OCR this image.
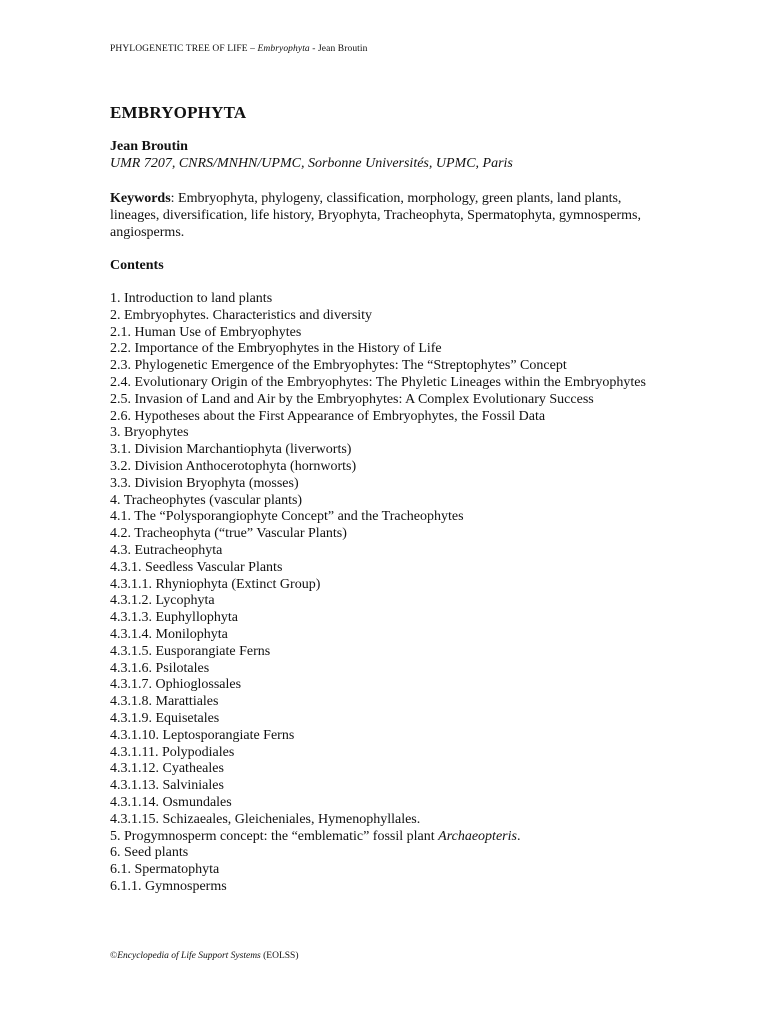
PHYLOGENETIC TREE OF LIFE – Embryophyta - Jean Broutin
EMBRYOPHYTA
Jean Broutin
UMR 7207, CNRS/MNHN/UPMC, Sorbonne Universités, UPMC, Paris
Keywords: Embryophyta, phylogeny, classification, morphology, green plants, land plants, lineages, diversification, life history, Bryophyta, Tracheophyta, Spermatophyta, gymnosperms, angiosperms.
Contents
1. Introduction to land plants
2. Embryophytes. Characteristics and diversity
2.1. Human Use of Embryophytes
2.2. Importance of the Embryophytes in the History of Life
2.3. Phylogenetic Emergence of the Embryophytes: The “Streptophytes” Concept
2.4. Evolutionary Origin of the Embryophytes: The Phyletic Lineages within the Embryophytes
2.5. Invasion of Land and Air by the Embryophytes: A Complex Evolutionary Success
2.6. Hypotheses about the First Appearance of Embryophytes, the Fossil Data
3. Bryophytes
3.1. Division Marchantiophyta (liverworts)
3.2. Division Anthocerotophyta (hornworts)
3.3. Division Bryophyta (mosses)
4. Tracheophytes (vascular plants)
4.1. The “Polysporangiophyte Concept” and the Tracheophytes
4.2. Tracheophyta (“true” Vascular Plants)
4.3. Eutracheophyta
4.3.1. Seedless Vascular Plants
4.3.1.1. Rhyniophyta (Extinct Group)
4.3.1.2. Lycophyta
4.3.1.3. Euphyllophyta
4.3.1.4. Monilophyta
4.3.1.5. Eusporangiate Ferns
4.3.1.6. Psilotales
4.3.1.7. Ophioglossales
4.3.1.8. Marattiales
4.3.1.9. Equisetales
4.3.1.10. Leptosporangiate Ferns
4.3.1.11. Polypodiales
4.3.1.12. Cyatheales
4.3.1.13. Salviniales
4.3.1.14. Osmundales
4.3.1.15. Schizaeales, Gleicheniales, Hymenophyllales.
5. Progymnosperm concept: the “emblematic” fossil plant Archaeopteris.
6. Seed plants
6.1. Spermatophyta
6.1.1. Gymnosperms
©Encyclopedia of Life Support Systems (EOLSS)
